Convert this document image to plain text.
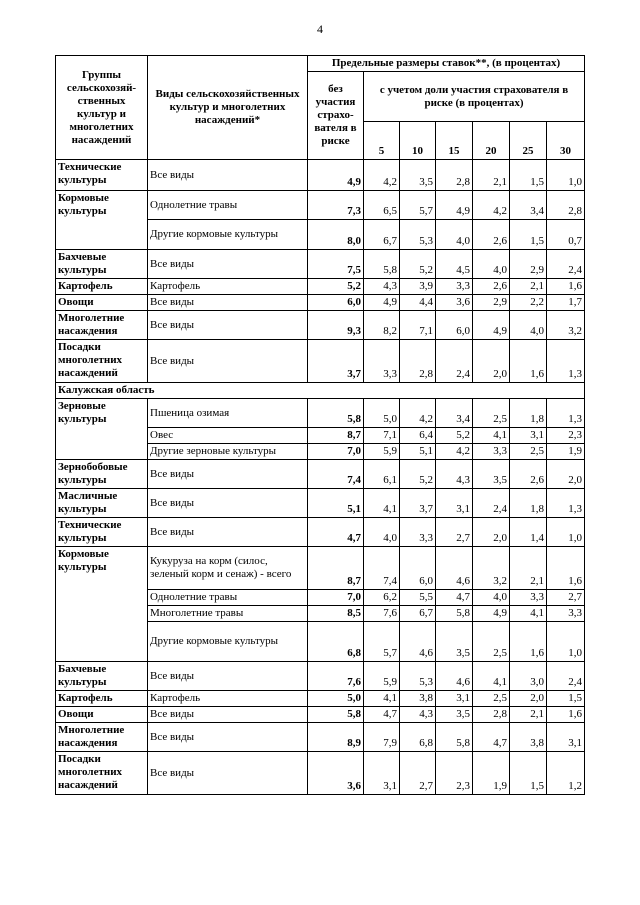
4
Группы сельскохозяй-ственных культур и многолетних насаждений	Виды сельскохозяйственных культур и многолетних насаждений*	Предельные размеры ставок**, (в процентах)						
		без участия страхо-вателя в риске	с учетом доли участия страхователя в риске (в процентах)					
			5	10	15	20	25	30
Технические культуры	Все виды	4,9	4,2	3,5	2,8	2,1	1,5	1,0
Кормовые культуры	Однолетние травы	7,3	6,5	5,7	4,9	4,2	3,4	2,8
	Другие кормовые культуры	8,0	6,7	5,3	4,0	2,6	1,5	0,7
Бахчевые культуры	Все виды	7,5	5,8	5,2	4,5	4,0	2,9	2,4
Картофель	Картофель	5,2	4,3	3,9	3,3	2,6	2,1	1,6
Овощи	Все виды	6,0	4,9	4,4	3,6	2,9	2,2	1,7
Многолетние насаждения	Все виды	9,3	8,2	7,1	6,0	4,9	4,0	3,2
Посадки многолетних насаждений	Все виды	3,7	3,3	2,8	2,4	2,0	1,6	1,3
Калужская область								
Зерновые культуры	Пшеница озимая	5,8	5,0	4,2	3,4	2,5	1,8	1,3
	Овес	8,7	7,1	6,4	5,2	4,1	3,1	2,3
	Другие зерновые культуры	7,0	5,9	5,1	4,2	3,3	2,5	1,9
Зернобобовые культуры	Все виды	7,4	6,1	5,2	4,3	3,5	2,6	2,0
Масличные культуры	Все виды	5,1	4,1	3,7	3,1	2,4	1,8	1,3
Технические культуры	Все виды	4,7	4,0	3,3	2,7	2,0	1,4	1,0
Кормовые культуры	Кукуруза на корм (силос, зеленый корм и сенаж) - всего	8,7	7,4	6,0	4,6	3,2	2,1	1,6
	Однолетние травы	7,0	6,2	5,5	4,7	4,0	3,3	2,7
	Многолетние травы	8,5	7,6	6,7	5,8	4,9	4,1	3,3
	Другие кормовые культуры	6,8	5,7	4,6	3,5	2,5	1,6	1,0
Бахчевые культуры	Все виды	7,6	5,9	5,3	4,6	4,1	3,0	2,4
Картофель	Картофель	5,0	4,1	3,8	3,1	2,5	2,0	1,5
Овощи	Все виды	5,8	4,7	4,3	3,5	2,8	2,1	1,6
Многолетние насаждения	Все виды	8,9	7,9	6,8	5,8	4,7	3,8	3,1
Посадки многолетних насаждений	Все виды	3,6	3,1	2,7	2,3	1,9	1,5	1,2
